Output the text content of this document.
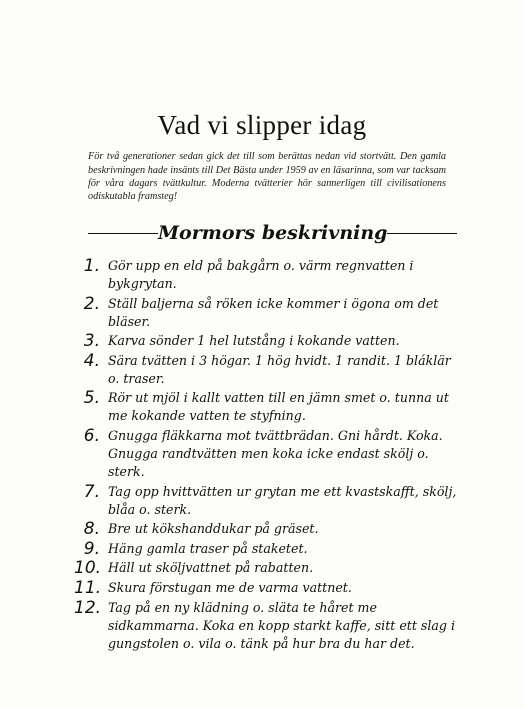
Vad vi slipper idag

För två generationer sedan gick det till som berättas nedan vid stortvätt. Den gamla beskrivningen hade insänts till Det Bästa under 1959 av en läsarinna, som var tacksam för våra dagars tvättkultur. Moderna tvätterier hör sannerligen till civilisationens odiskutabla framsteg!

Mormors beskrivning
1. Gör upp en eld på bakgårn o. värm regnvatten i bykgrytan.
2. Ställ baljerna så röken icke kommer i ögona om det bläser.
3. Karva sönder 1 hel lutstång i kokande vatten.
4. Sära tvätten i 3 högar. 1 hög hvidt. 1 randit. 1 bláklär o. traser.
5. Rör ut mjöl i kallt vatten till en jämn smet o. tunna ut me kokande vatten te styfning.
6. Gnugga fläkkarna mot tvättbrädan. Gni hårdt. Koka. Gnugga randtvätten men koka icke endast skölj o. sterk.
7. Tag opp hvittvätten ur grytan me ett kvastskafft, skölj, blåa o. sterk.
8. Bre ut kökshanddukar på gräset.
9. Häng gamla traser på staketet.
10. Häll ut sköljvattnet på rabatten.
11. Skura förstugan me de varma vattnet.
12. Tag på en ny klädning o. släta te håret me sidkammarna. Koka en kopp starkt kaffe, sitt ett slag i gungstolen o. vila o. tänk på hur bra du har det.
